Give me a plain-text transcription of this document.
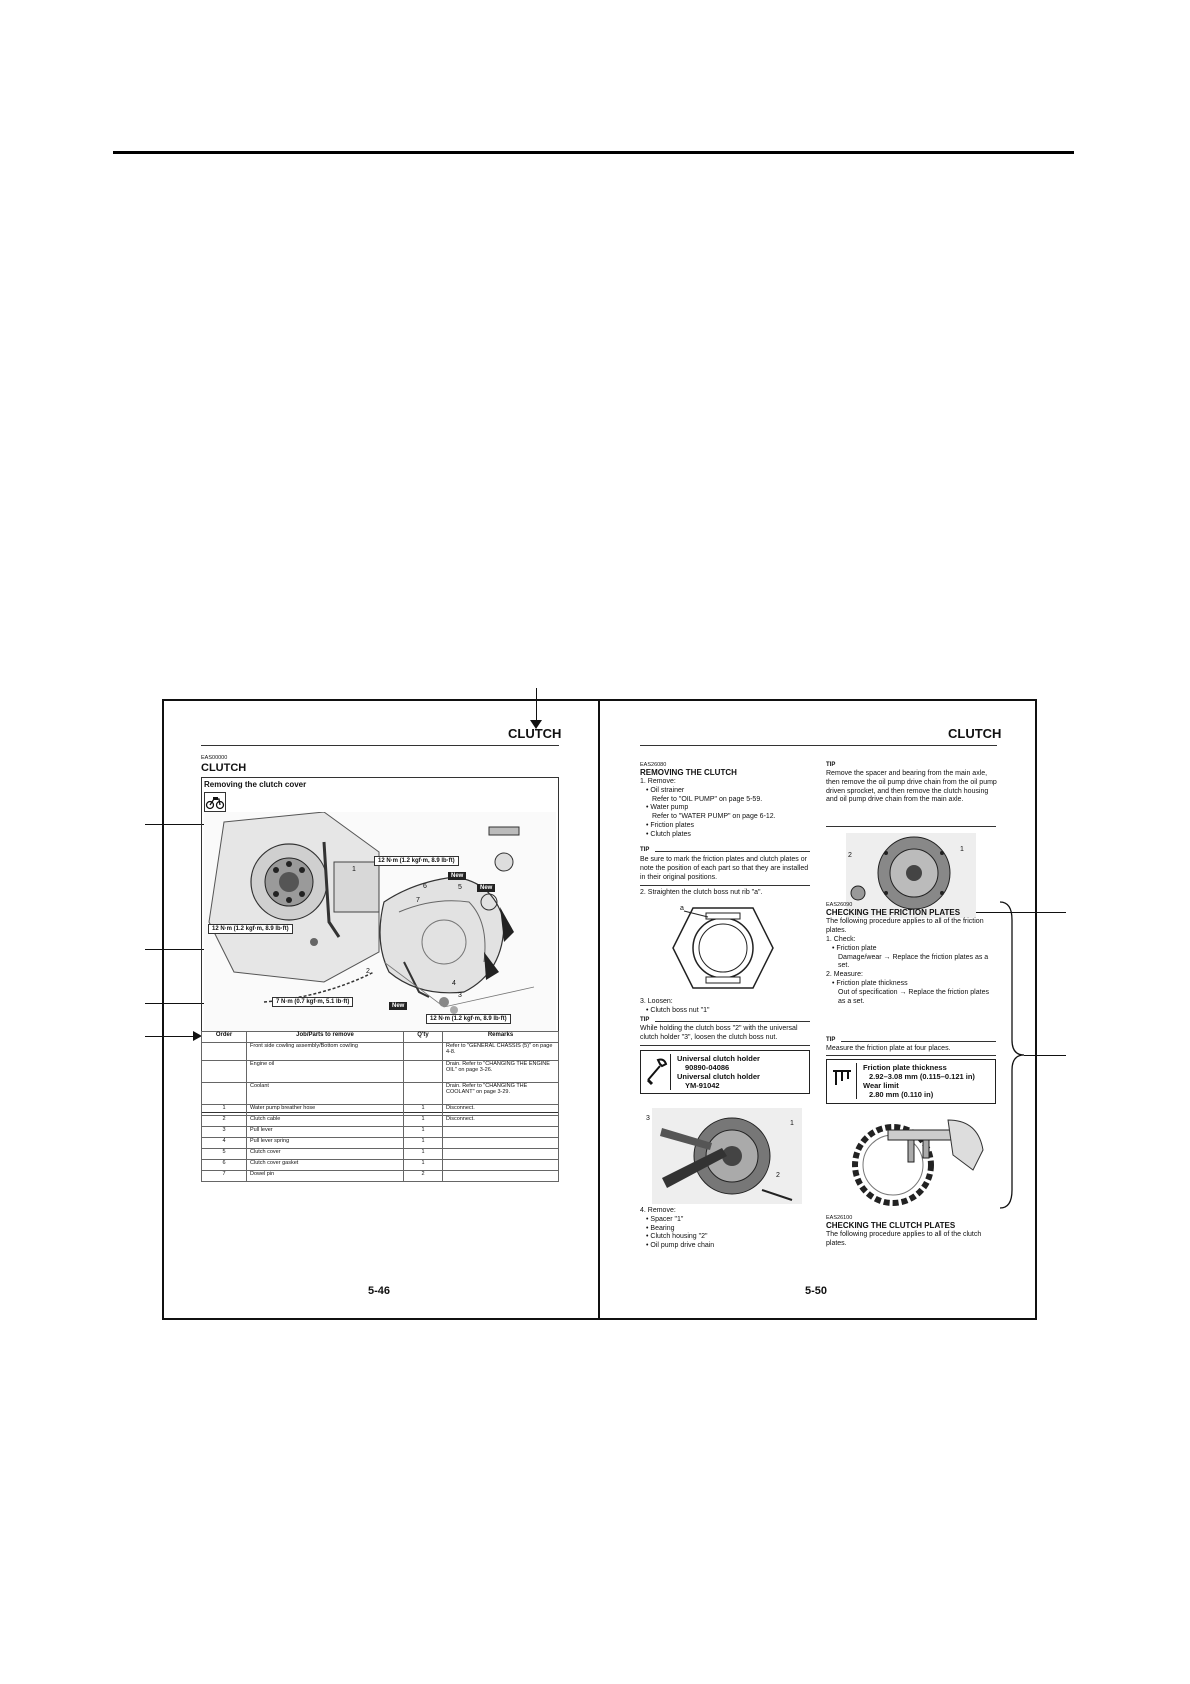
CLUTCH
EAS00000
CLUTCH
Removing the clutch cover
12 N·m (1.2 kgf·m, 8.9 lb·ft)
12 N·m (1.2 kgf·m, 8.9 lb·ft)
7 N·m (0.7 kgf·m, 5.1 lb·ft)
12 N·m (1.2 kgf·m, 8.9 lb·ft)
New
New
New
1
2
3
4
5
6
7
Order	Job/Parts to remove	Q'ty	Remarks
	Front side cowling assembly/Bottom cowling		Refer to "GENERAL CHASSIS (5)" on page 4-8.
	Engine oil		Drain. Refer to "CHANGING THE ENGINE OIL" on page 3-26.
	Coolant		Drain. Refer to "CHANGING THE COOLANT" on page 3-29.
1	Water pump breather hose	1	Disconnect.
2	Clutch cable	1	Disconnect.
3	Pull lever	1	
4	Pull lever spring	1	
5	Clutch cover	1	
6	Clutch cover gasket	1	
7	Dowel pin	2	
5-46
CLUTCH
EAS26080
REMOVING THE CLUTCH
1. Remove:
• Oil strainer
Refer to "OIL PUMP" on page 5-59.
• Water pump
Refer to "WATER PUMP" on page 6-12.
• Friction plates
• Clutch plates
TIP
Be sure to mark the friction plates and clutch plates or note the position of each part so that they are installed in their original positions.
2. Straighten the clutch boss nut rib "a".
a
3. Loosen:
• Clutch boss nut "1"
TIP
While holding the clutch boss "2" with the universal clutch holder "3", loosen the clutch boss nut.
Universal clutch holder
90890-04086
Universal clutch holder
YM-91042
3
1
2
4. Remove:
• Spacer "1"
• Bearing
• Clutch housing "2"
• Oil pump drive chain
TIP
Remove the spacer and bearing from the main axle, then remove the oil pump drive chain from the oil pump driven sprocket, and then remove the clutch housing and oil pump drive chain from the main axle.
2
1
EAS26090
CHECKING THE FRICTION PLATES
The following procedure applies to all of the friction plates.
1. Check:
• Friction plate
Damage/wear → Replace the friction plates as a set.
2. Measure:
• Friction plate thickness
Out of specification → Replace the friction plates as a set.
TIP
Measure the friction plate at four places.
Friction plate thickness
2.92–3.08 mm (0.115–0.121 in)
Wear limit
2.80 mm (0.110 in)
EAS26100
CHECKING THE CLUTCH PLATES
The following procedure applies to all of the clutch plates.
5-50
